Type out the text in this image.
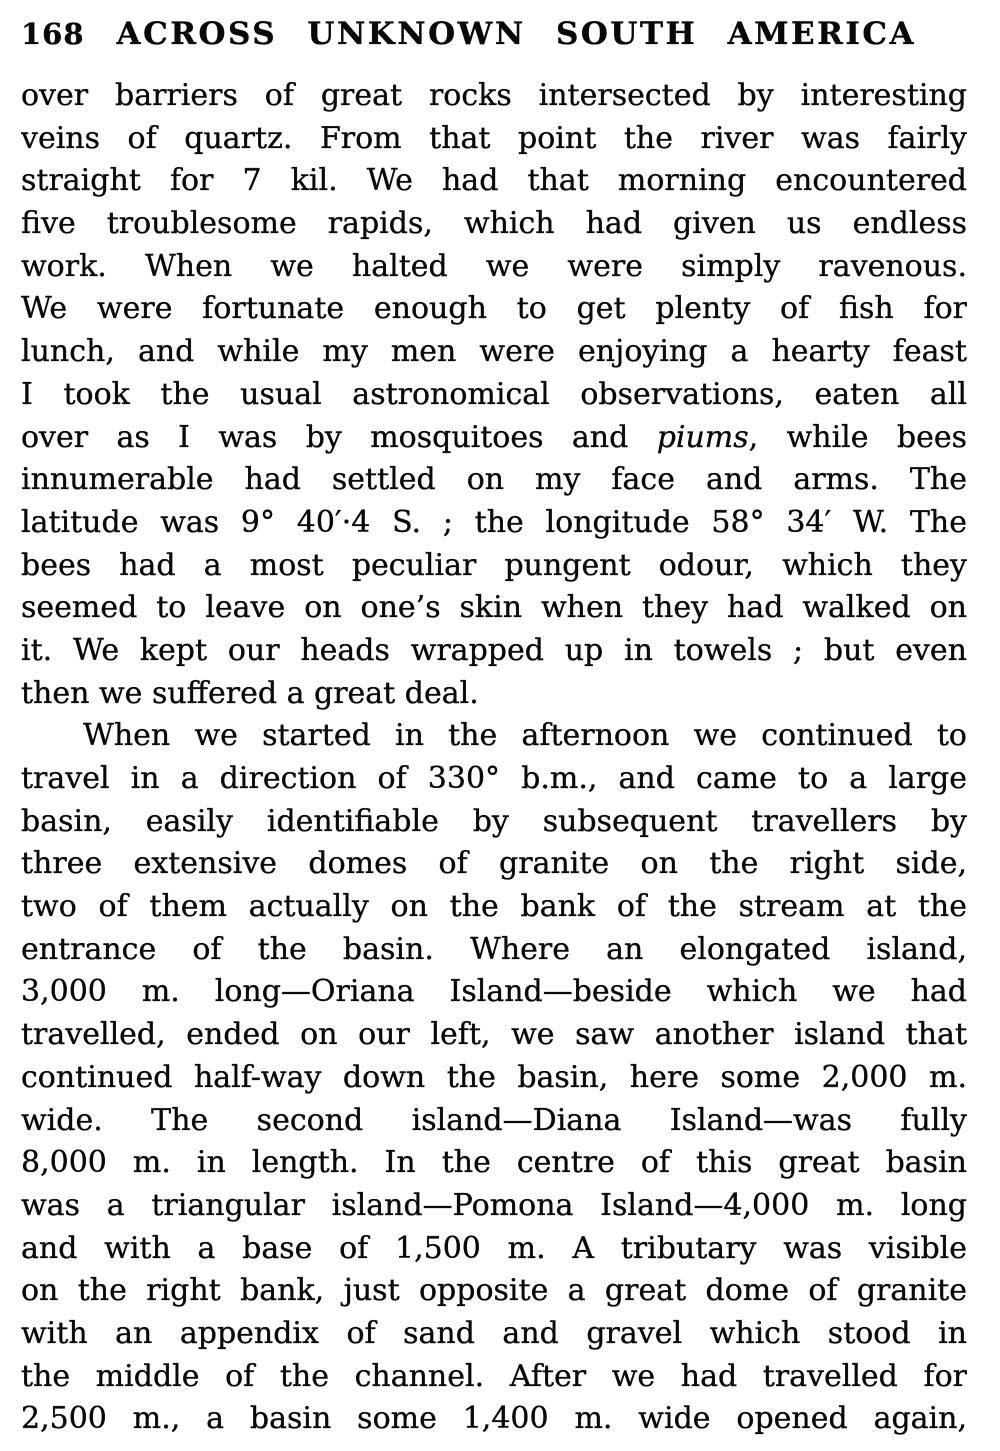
168 ACROSS UNKNOWN SOUTH AMERICA
over barriers of great rocks intersected by interesting
veins of quartz. From that point the river was fairly
straight for 7 kil. We had that morning encountered
five troublesome rapids, which had given us endless
work. When we halted we were simply ravenous.
We were fortunate enough to get plenty of fish for
lunch, and while my men were enjoying a hearty feast
I took the usual astronomical observations, eaten all
over as I was by mosquitoes and piums, while bees
innumerable had settled on my face and arms. The
latitude was 9° 40′·4 S. ; the longitude 58° 34′ W. The
bees had a most peculiar pungent odour, which they
seemed to leave on one’s skin when they had walked on
it. We kept our heads wrapped up in towels ; but even
then we suffered a great deal.
When we started in the afternoon we continued to
travel in a direction of 330° b.m., and came to a large
basin, easily identifiable by subsequent travellers by
three extensive domes of granite on the right side,
two of them actually on the bank of the stream at the
entrance of the basin. Where an elongated island,
3,000 m. long—Oriana Island—beside which we had
travelled, ended on our left, we saw another island that
continued half-way down the basin, here some 2,000 m.
wide. The second island—Diana Island—was fully
8,000 m. in length. In the centre of this great basin
was a triangular island—Pomona Island—4,000 m. long
and with a base of 1,500 m. A tributary was visible
on the right bank, just opposite a great dome of granite
with an appendix of sand and gravel which stood in
the middle of the channel. After we had travelled for
2,500 m., a basin some 1,400 m. wide opened again,
